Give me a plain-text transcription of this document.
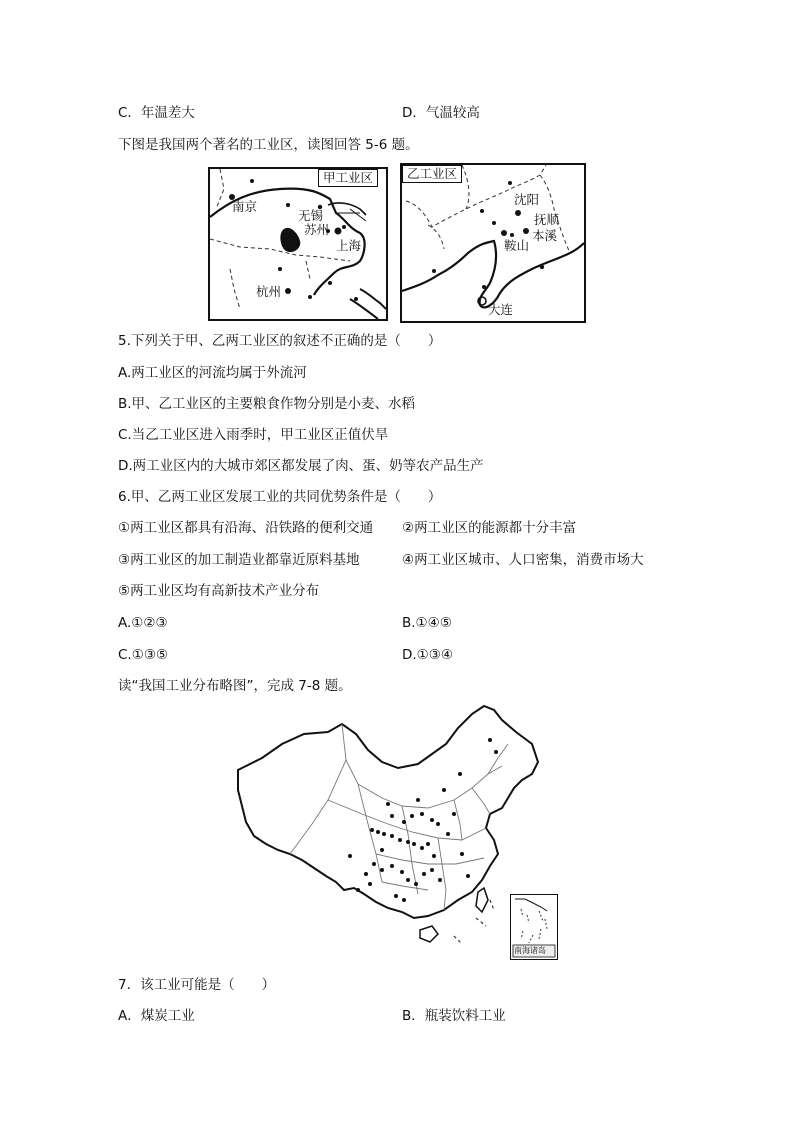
C．年温差大	D．气温较高
下图是我国两个著名的工业区，读图回答 5-6 题。
甲工业区
南京
无锡
苏州
上海
杭州
乙工业区
沈阳
抚顺
本溪
鞍山
大连
5.下列关于甲、乙两工业区的叙述不正确的是（　　）
A.两工业区的河流均属于外流河
B.甲、乙工业区的主要粮食作物分别是小麦、水稻
C.当乙工业区进入雨季时，甲工业区正值伏旱
D.两工业区内的大城市郊区都发展了肉、蛋、奶等农产品生产
6.甲、乙两工业区发展工业的共同优势条件是（　　）
①两工业区都具有沿海、沿铁路的便利交通 ②两工业区的能源都十分丰富
③两工业区的加工制造业都靠近原料基地	④两工业区城市、人口密集，消费市场大
⑤两工业区均有高新技术产业分布
A.①②③	B.①④⑤
C.①③⑤	D.①③④
读“我国工业分布略图”，完成 7-8 题。
南海诸岛
7．该工业可能是（　　）
A．煤炭工业	B．瓶装饮料工业
